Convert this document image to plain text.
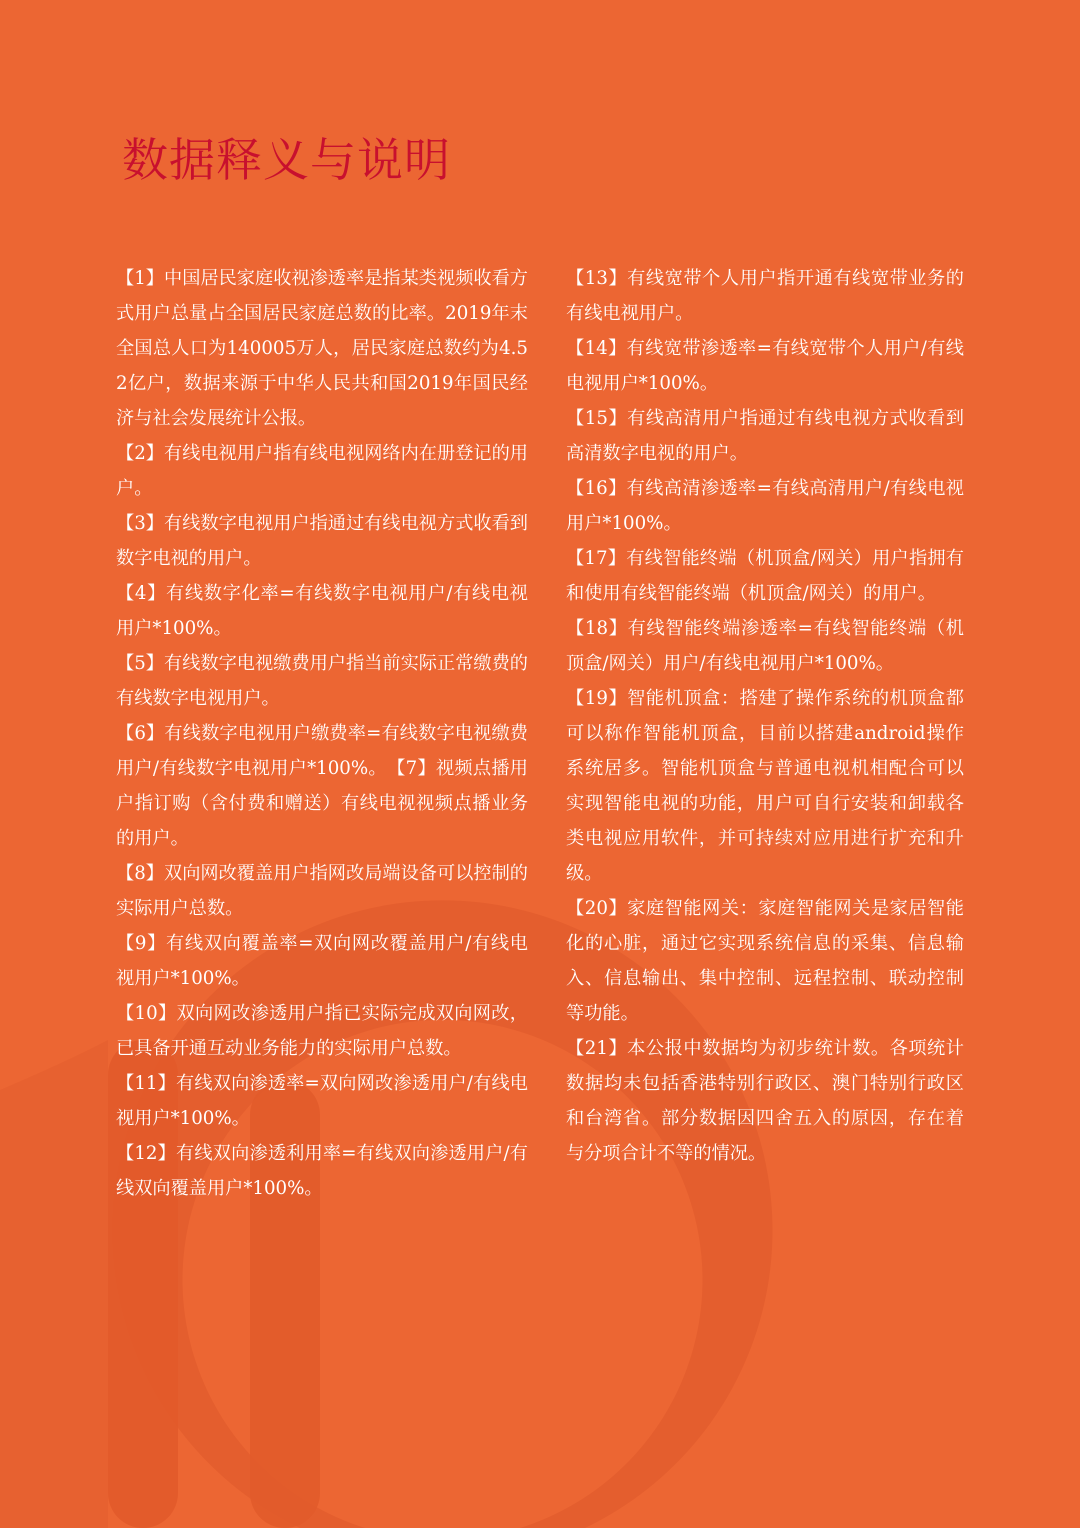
数据释义与说明

【1】中国居民家庭收视渗透率是指某类视频收看方式用户总量占全国居民家庭总数的比率。2019年末全国总人口为140005万人，居民家庭总数约为4.52亿户，数据来源于中华人民共和国2019年国民经济与社会发展统计公报。

【2】有线电视用户指有线电视网络内在册登记的用户。

【3】有线数字电视用户指通过有线电视方式收看到数字电视的用户。

【4】有线数字化率=有线数字电视用户/有线电视用户*100%。

【5】有线数字电视缴费用户指当前实际正常缴费的有线数字电视用户。

【6】有线数字电视用户缴费率=有线数字电视缴费用户/有线数字电视用户*100%。　【7】视频点播用户指订购（含付费和赠送）有线电视视频点播业务的用户。

【8】双向网改覆盖用户指网改局端设备可以控制的实际用户总数。

【9】有线双向覆盖率=双向网改覆盖用户/有线电视用户*100%。

【10】双向网改渗透用户指已实际完成双向网改，已具备开通互动业务能力的实际用户总数。

【11】有线双向渗透率=双向网改渗透用户/有线电视用户*100%。

【12】有线双向渗透利用率=有线双向渗透用户/有线双向覆盖用户*100%。

【13】有线宽带个人用户指开通有线宽带业务的有线电视用户。

【14】有线宽带渗透率=有线宽带个人用户/有线电视用户*100%。

【15】有线高清用户指通过有线电视方式收看到高清数字电视的用户。

【16】有线高清渗透率=有线高清用户/有线电视用户*100%。

【17】有线智能终端（机顶盒/网关）用户指拥有和使用有线智能终端（机顶盒/网关）的用户。

【18】有线智能终端渗透率=有线智能终端（机顶盒/网关）用户/有线电视用户*100%。

【19】智能机顶盒：搭建了操作系统的机顶盒都可以称作智能机顶盒，目前以搭建android操作系统居多。智能机顶盒与普通电视机相配合可以实现智能电视的功能，用户可自行安装和卸载各类电视应用软件，并可持续对应用进行扩充和升级。

【20】家庭智能网关：家庭智能网关是家居智能化的心脏，通过它实现系统信息的采集、信息输入、信息输出、集中控制、远程控制、联动控制等功能。

【21】本公报中数据均为初步统计数。各项统计数据均未包括香港特别行政区、澳门特别行政区和台湾省。部分数据因四舍五入的原因，存在着与分项合计不等的情况。
